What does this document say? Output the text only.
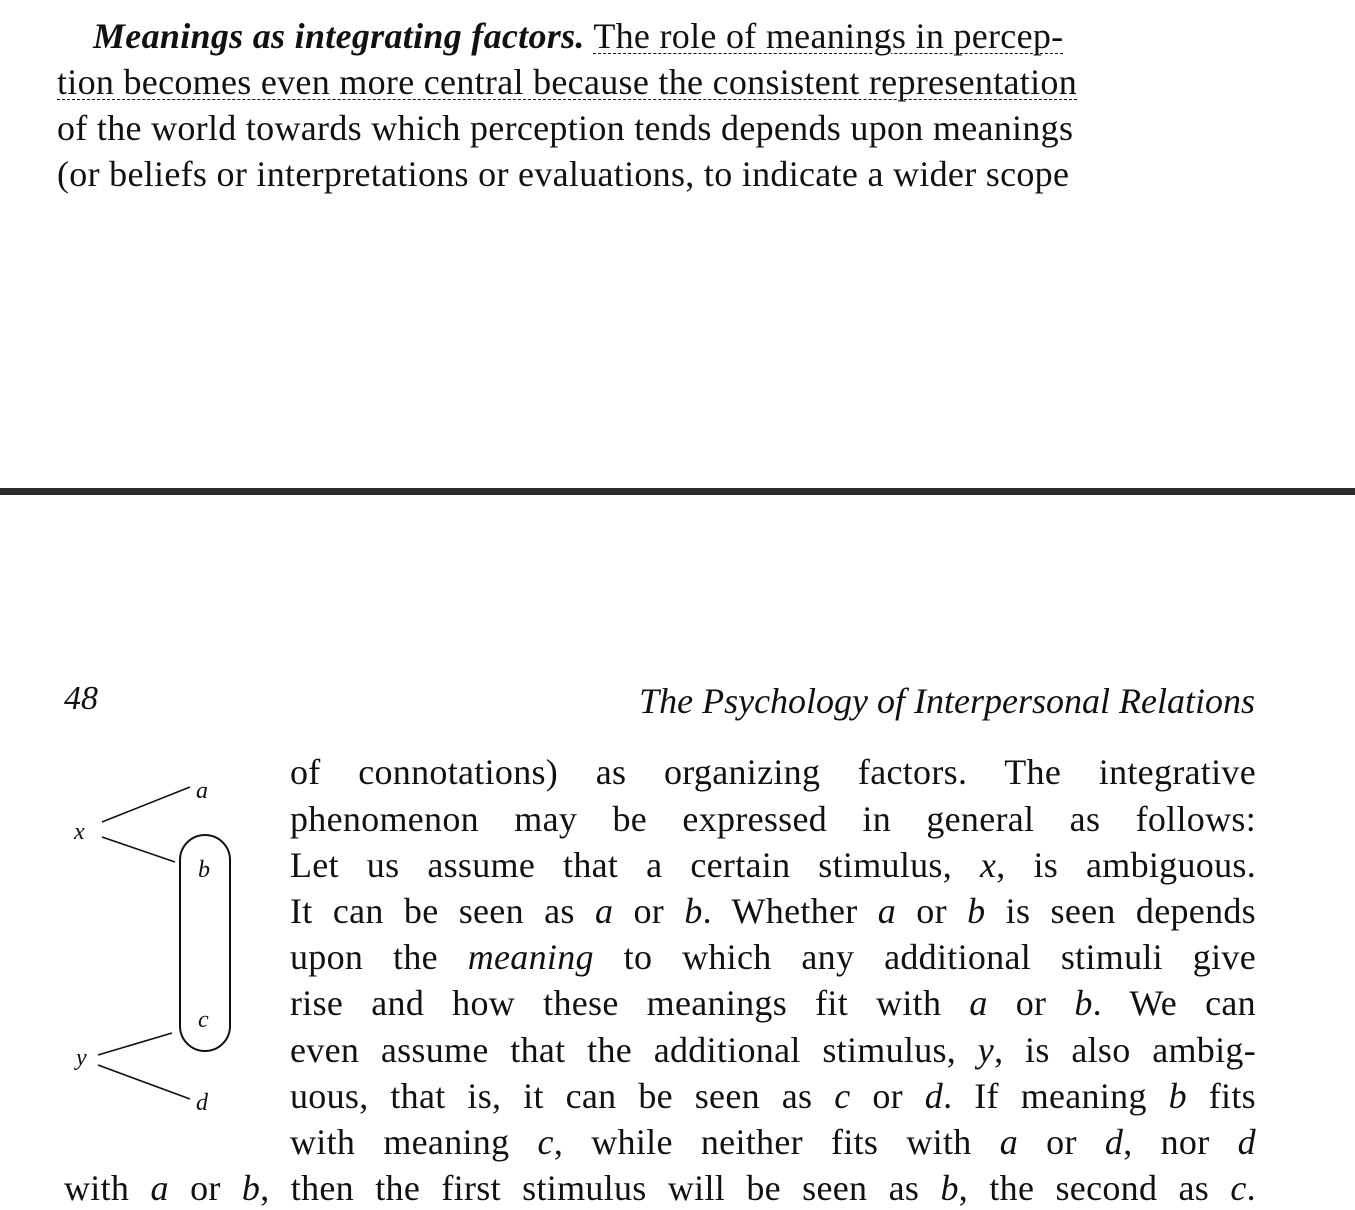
Meanings as integrating factors. The role of meanings in percep-
tion becomes even more central because the consistent representation
of the world towards which perception tends depends upon meanings
(or beliefs or interpretations or evaluations, to indicate a wider scope
48	The Psychology of Interpersonal Relations
x
a
b
c
y
d
of connotations) as organizing factors. The integrative
phenomenon may be expressed in general as follows:
Let us assume that a certain stimulus, x, is ambiguous.
It can be seen as a or b. Whether a or b is seen depends
upon the meaning to which any additional stimuli give
rise and how these meanings fit with a or b. We can
even assume that the additional stimulus, y, is also ambig-
uous, that is, it can be seen as c or d. If meaning b fits
with meaning c, while neither fits with a or d, nor d
with a or b, then the first stimulus will be seen as b, the second as c.
